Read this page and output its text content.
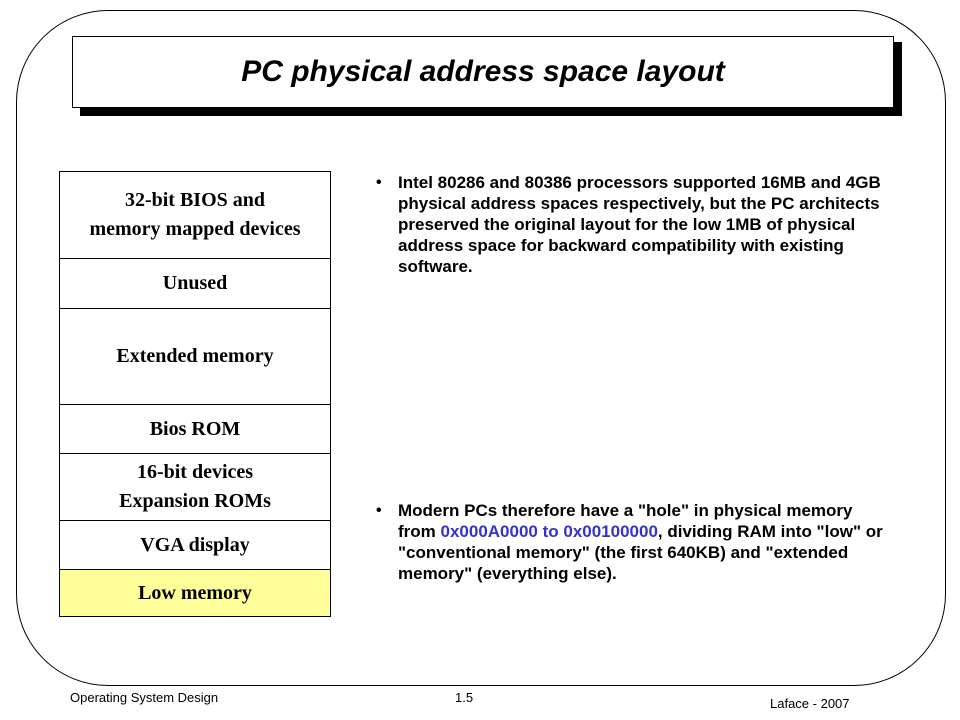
PC physical address space layout
32-bit BIOS and
memory mapped devices
Unused
Extended memory
Bios ROM
16-bit devices
Expansion ROMs
VGA display
Low memory
• Intel 80286 and 80386 processors supported 16MB and 4GB physical address spaces respectively, but the PC architects preserved the original layout for the low 1MB of physical address space for backward compatibility with existing software.
• Modern PCs therefore have a "hole" in physical memory from 0x000A0000 to 0x00100000, dividing RAM into "low" or "conventional memory" (the first 640KB) and "extended memory" (everything else).
Operating System Design	1.5	Laface - 2007
